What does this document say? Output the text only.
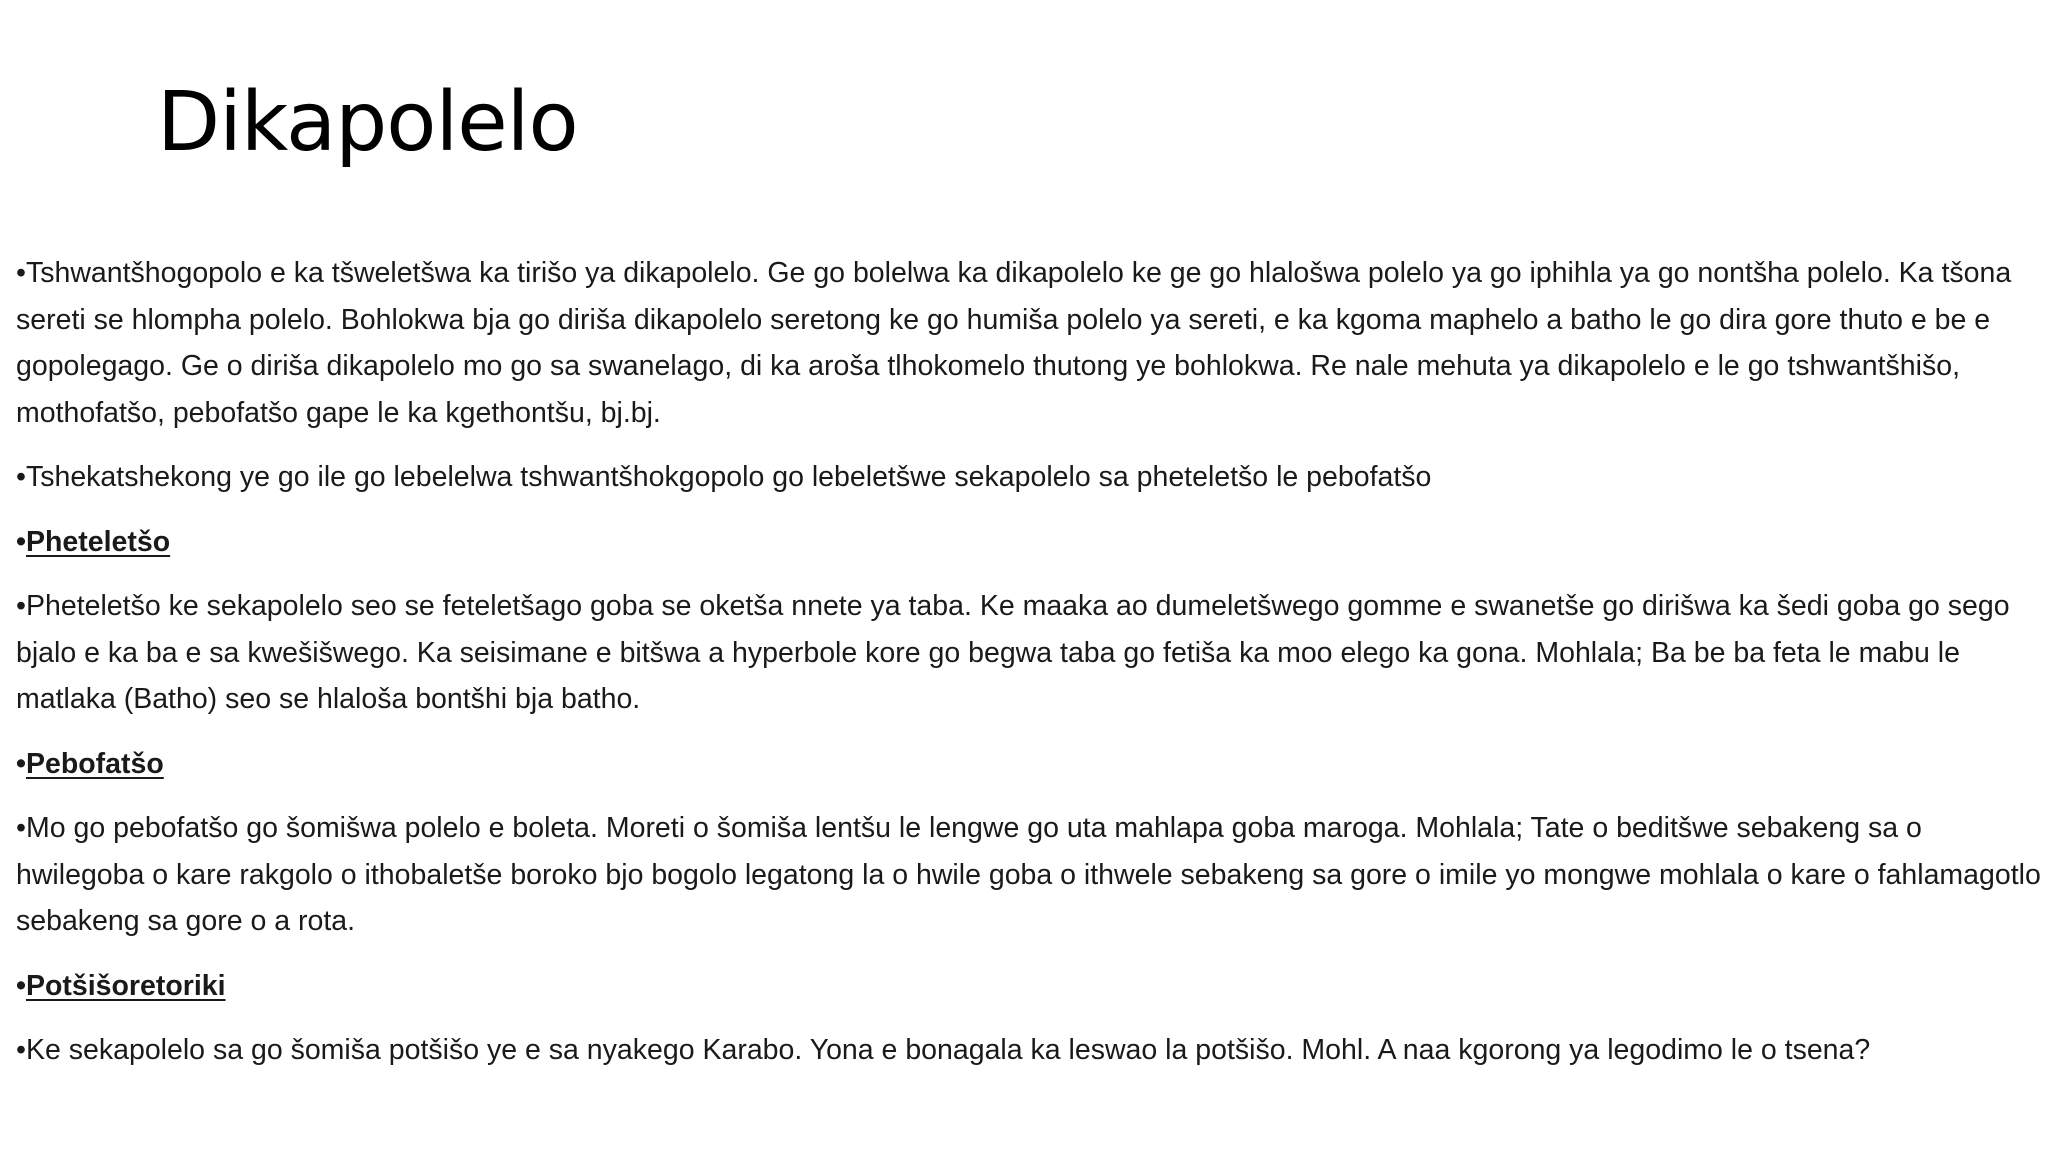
Dikapolelo

•Tshwantšhogopolo e ka tšweletšwa ka tirišo ya dikapolelo. Ge go bolelwa ka dikapolelo ke ge go hlalošwa polelo ya go iphihla ya go nontšha polelo. Ka tšona sereti se hlompha polelo. Bohlokwa bja go diriša dikapolelo seretong ke go humiša polelo ya sereti, e ka kgoma maphelo a batho le go dira gore thuto e be e gopolegago. Ge o diriša dikapolelo mo go sa swanelago, di ka aroša tlhokomelo thutong ye bohlokwa. Re nale mehuta ya dikapolelo e le go tshwantšhišo, mothofatšo, pebofatšo gape le ka kgethontšu, bj.bj.

•Tshekatshekong ye go ile go lebelelwa tshwantšhokgopolo go lebeletšwe sekapolelo sa pheteletšo le pebofatšo

•Pheteletšo

•Pheteletšo ke sekapolelo seo se feteletšago goba se oketša nnete ya taba. Ke maaka ao dumeletšwego gomme e swanetše go dirišwa ka šedi goba go sego bjalo e ka ba e sa kwešišwego. Ka seisimane e bitšwa a hyperbole kore go begwa taba go fetiša ka moo elego ka gona. Mohlala; Ba be ba feta le mabu le matlaka (Batho) seo se hlaloša bontšhi bja batho.

•Pebofatšo

•Mo go pebofatšo go šomišwa polelo e boleta. Moreti o šomiša lentšu le lengwe go uta mahlapa goba maroga. Mohlala; Tate o beditšwe sebakeng sa o hwilegoba o kare rakgolo o ithobaletše boroko bjo bogolo legatong la o hwile goba o ithwele sebakeng sa gore o imile yo mongwe mohlala o kare o fahlamagotlo sebakeng sa gore o a rota.

•Potšišoretoriki

•Ke sekapolelo sa go šomiša potšišo ye e sa nyakego Karabo. Yona e bonagala ka leswao la potšišo. Mohl. A naa kgorong ya legodimo le o tsena?
